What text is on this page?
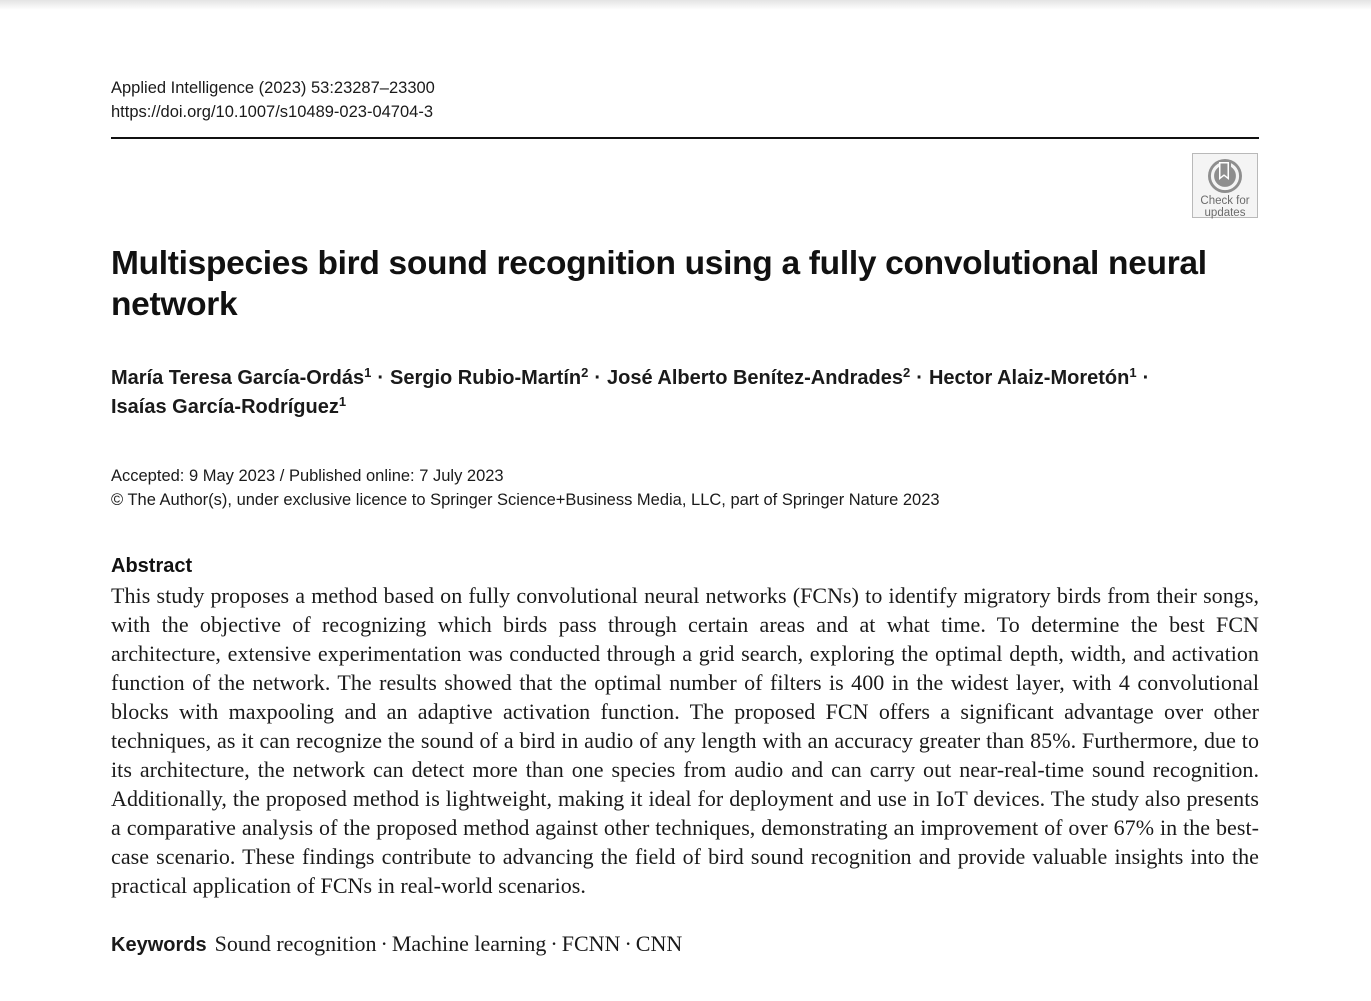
Applied Intelligence (2023) 53:23287–23300
https://doi.org/10.1007/s10489-023-04704-3
Check for
updates
Multispecies bird sound recognition using a fully convolutional neural network
María Teresa García-Ordás$^1$ · Sergio Rubio-Martín$^2$ · José Alberto Benítez-Andrades$^2$ · Hector Alaiz-Moretón$^1$ ·
Isaías García-Rodríguez$^1$
Accepted: 9 May 2023 / Published online: 7 July 2023
© The Author(s), under exclusive licence to Springer Science+Business Media, LLC, part of Springer Nature 2023
Abstract

This study proposes a method based on fully convolutional neural networks (FCNs) to identify migratory birds from their songs, with the objective of recognizing which birds pass through certain areas and at what time. To determine the best FCN architecture, extensive experimentation was conducted through a grid search, exploring the optimal depth, width, and activation function of the network. The results showed that the optimal number of filters is 400 in the widest layer, with 4 convolutional blocks with maxpooling and an adaptive activation function. The proposed FCN offers a significant advantage over other techniques, as it can recognize the sound of a bird in audio of any length with an accuracy greater than 85%. Furthermore, due to its architecture, the network can detect more than one species from audio and can carry out near-real-time sound recognition. Additionally, the proposed method is lightweight, making it ideal for deployment and use in IoT devices. The study also presents a comparative analysis of the proposed method against other techniques, demonstrating an improvement of over 67% in the best-case scenario. These findings contribute to advancing the field of bird sound recognition and provide valuable insights into the practical application of FCNs in real-world scenarios.

Keywords Sound recognition · Machine learning · FCNN · CNN
